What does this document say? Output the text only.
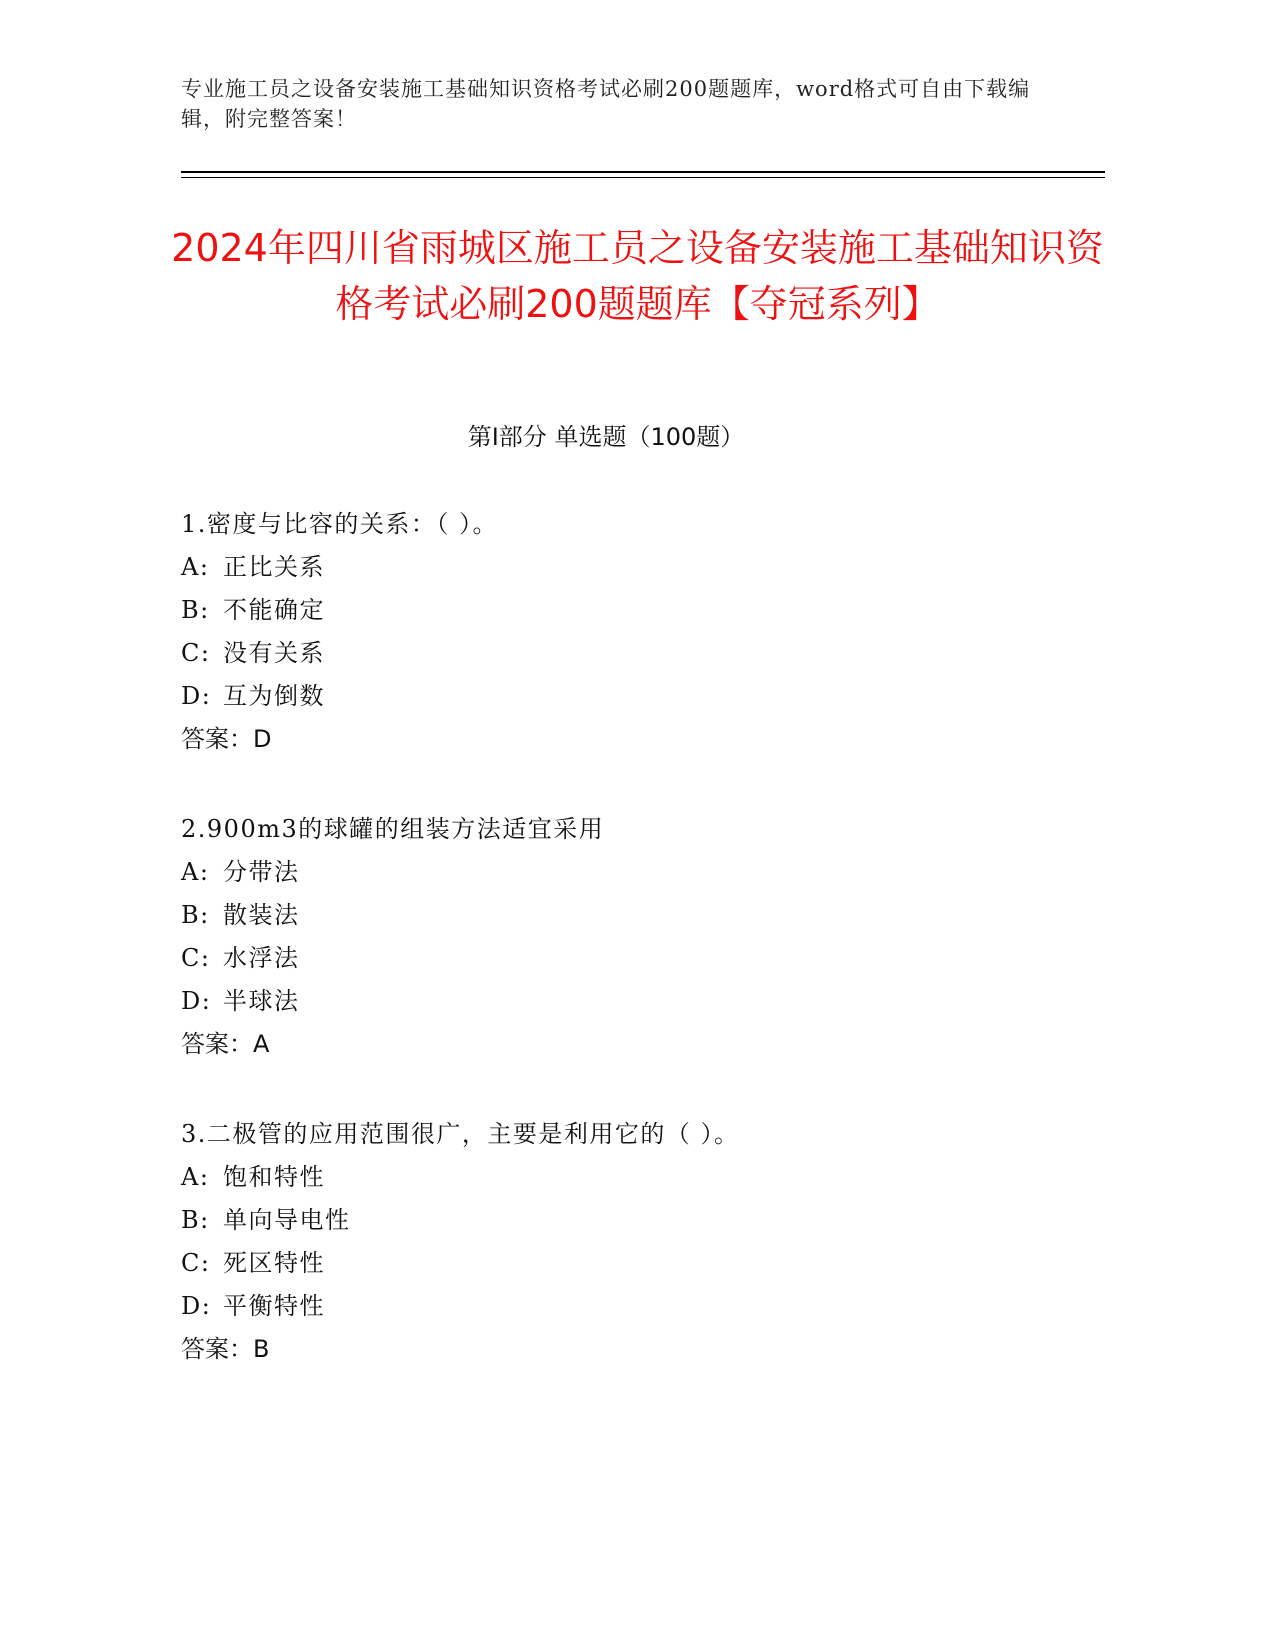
专业施工员之设备安装施工基础知识资格考试必刷200题题库，word格式可自由下载编辑，附完整答案！
2024年四川省雨城区施工员之设备安装施工基础知识资格考试必刷200题题库【夺冠系列】
第Ⅰ部分 单选题（100题）
1.密度与比容的关系：（ ）。
A: 正比关系
B: 不能确定
C: 没有关系
D: 互为倒数
答案：D
2.900m3的球罐的组装方法适宜采用
A: 分带法
B: 散装法
C: 水浮法
D: 半球法
答案：A
3.二极管的应用范围很广，主要是利用它的（ ）。
A: 饱和特性
B: 单向导电性
C: 死区特性
D: 平衡特性
答案：B
